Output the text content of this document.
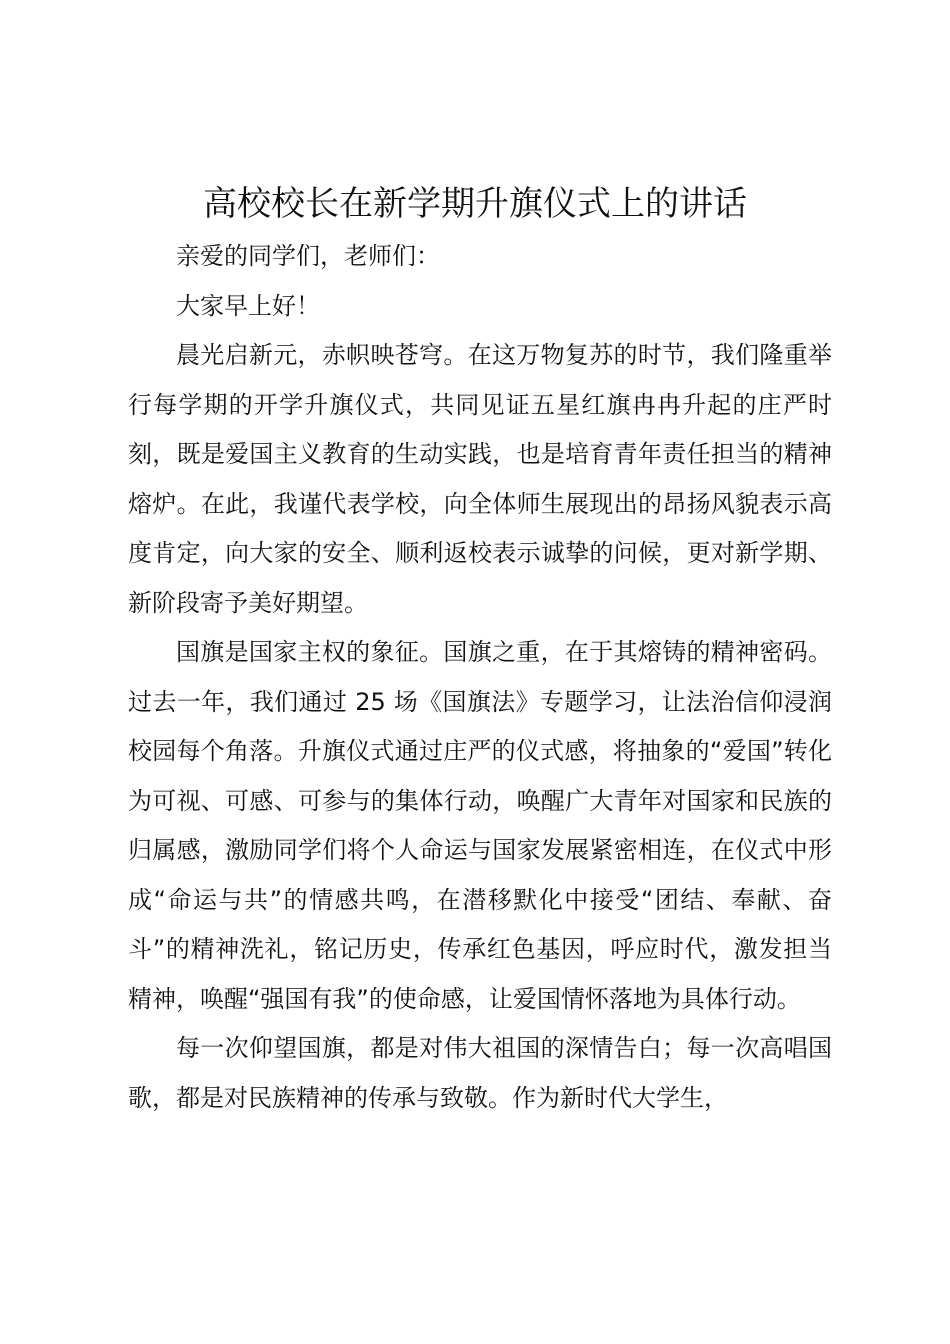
高校校长在新学期升旗仪式上的讲话

亲爱的同学们，老师们：

大家早上好！

晨光启新元，赤帜映苍穹。在这万物复苏的时节，我们隆重举行每学期的开学升旗仪式，共同见证五星红旗冉冉升起的庄严时刻，既是爱国主义教育的生动实践，也是培育青年责任担当的精神熔炉。在此，我谨代表学校，向全体师生展现出的昂扬风貌表示高度肯定，向大家的安全、顺利返校表示诚挚的问候，更对新学期、新阶段寄予美好期望。

国旗是国家主权的象征。国旗之重，在于其熔铸的精神密码。过去一年，我们通过 25 场《国旗法》专题学习，让法治信仰浸润校园每个角落。升旗仪式通过庄严的仪式感，将抽象的“爱国”转化为可视、可感、可参与的集体行动，唤醒广大青年对国家和民族的归属感，激励同学们将个人命运与国家发展紧密相连，在仪式中形成“命运与共”的情感共鸣，在潜移默化中接受“团结、奉献、奋斗”的精神洗礼，铭记历史，传承红色基因，呼应时代，激发担当精神，唤醒“强国有我”的使命感，让爱国情怀落地为具体行动。

每一次仰望国旗，都是对伟大祖国的深情告白；每一次高唱国歌，都是对民族精神的传承与致敬。作为新时代大学生，
